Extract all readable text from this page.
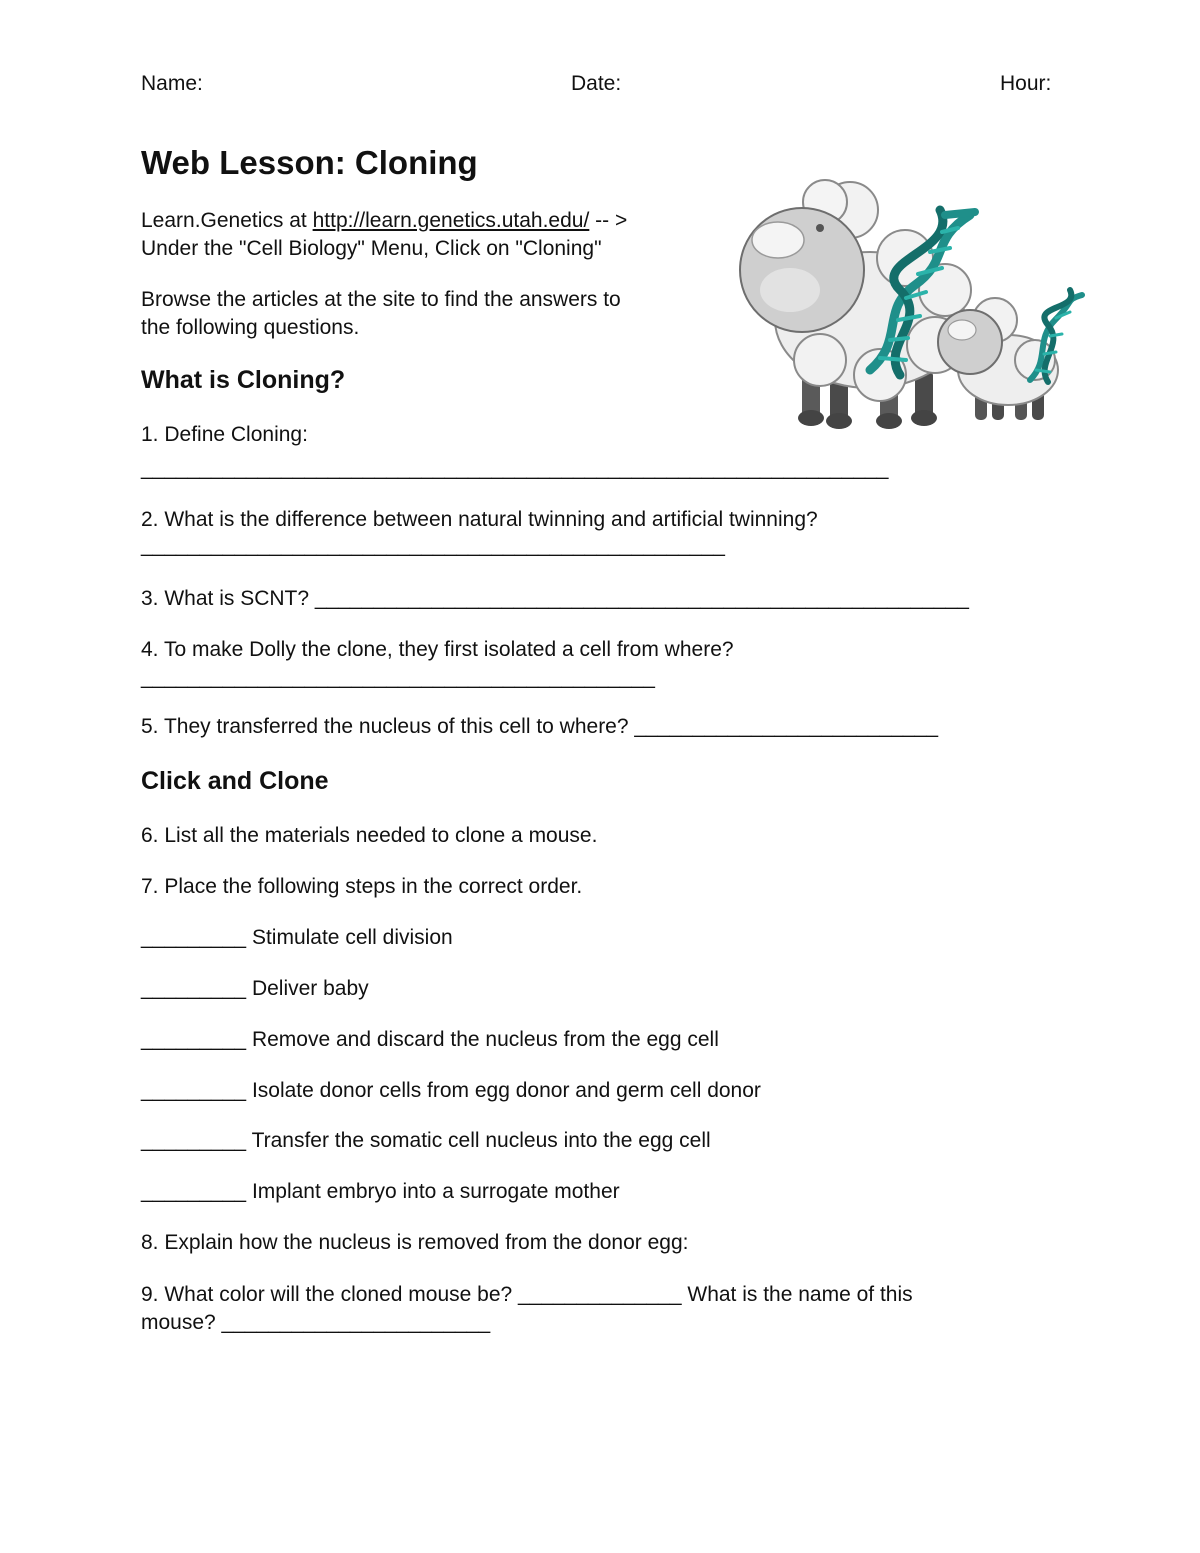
Name:	Date:	Hour:
Web Lesson: Cloning
Learn.Genetics at http://learn.genetics.utah.edu/ -- >
Under the "Cell Biology" Menu, Click on "Cloning"
Browse the articles at the site to find the answers to
the following questions.
What is Cloning?
1. Define Cloning:
________________________________________________________________
2. What is the difference between natural twinning and artificial twinning?
__________________________________________________
3. What is SCNT? ________________________________________________________
4. To make Dolly the clone, they first isolated a cell from where?
____________________________________________
5. They transferred the nucleus of this cell to where? __________________________
Click and Clone
6. List all the materials needed to clone a mouse.
7. Place the following steps in the correct order.
_________ Stimulate cell division
_________ Deliver baby
_________ Remove and discard the nucleus from the egg cell
_________ Isolate donor cells from egg donor and germ cell donor
_________ Transfer the somatic cell nucleus into the egg cell
_________ Implant embryo into a surrogate mother
8. Explain how the nucleus is removed from the donor egg:
9. What color will the cloned mouse be? ______________ What is the name of this
mouse? _______________________
